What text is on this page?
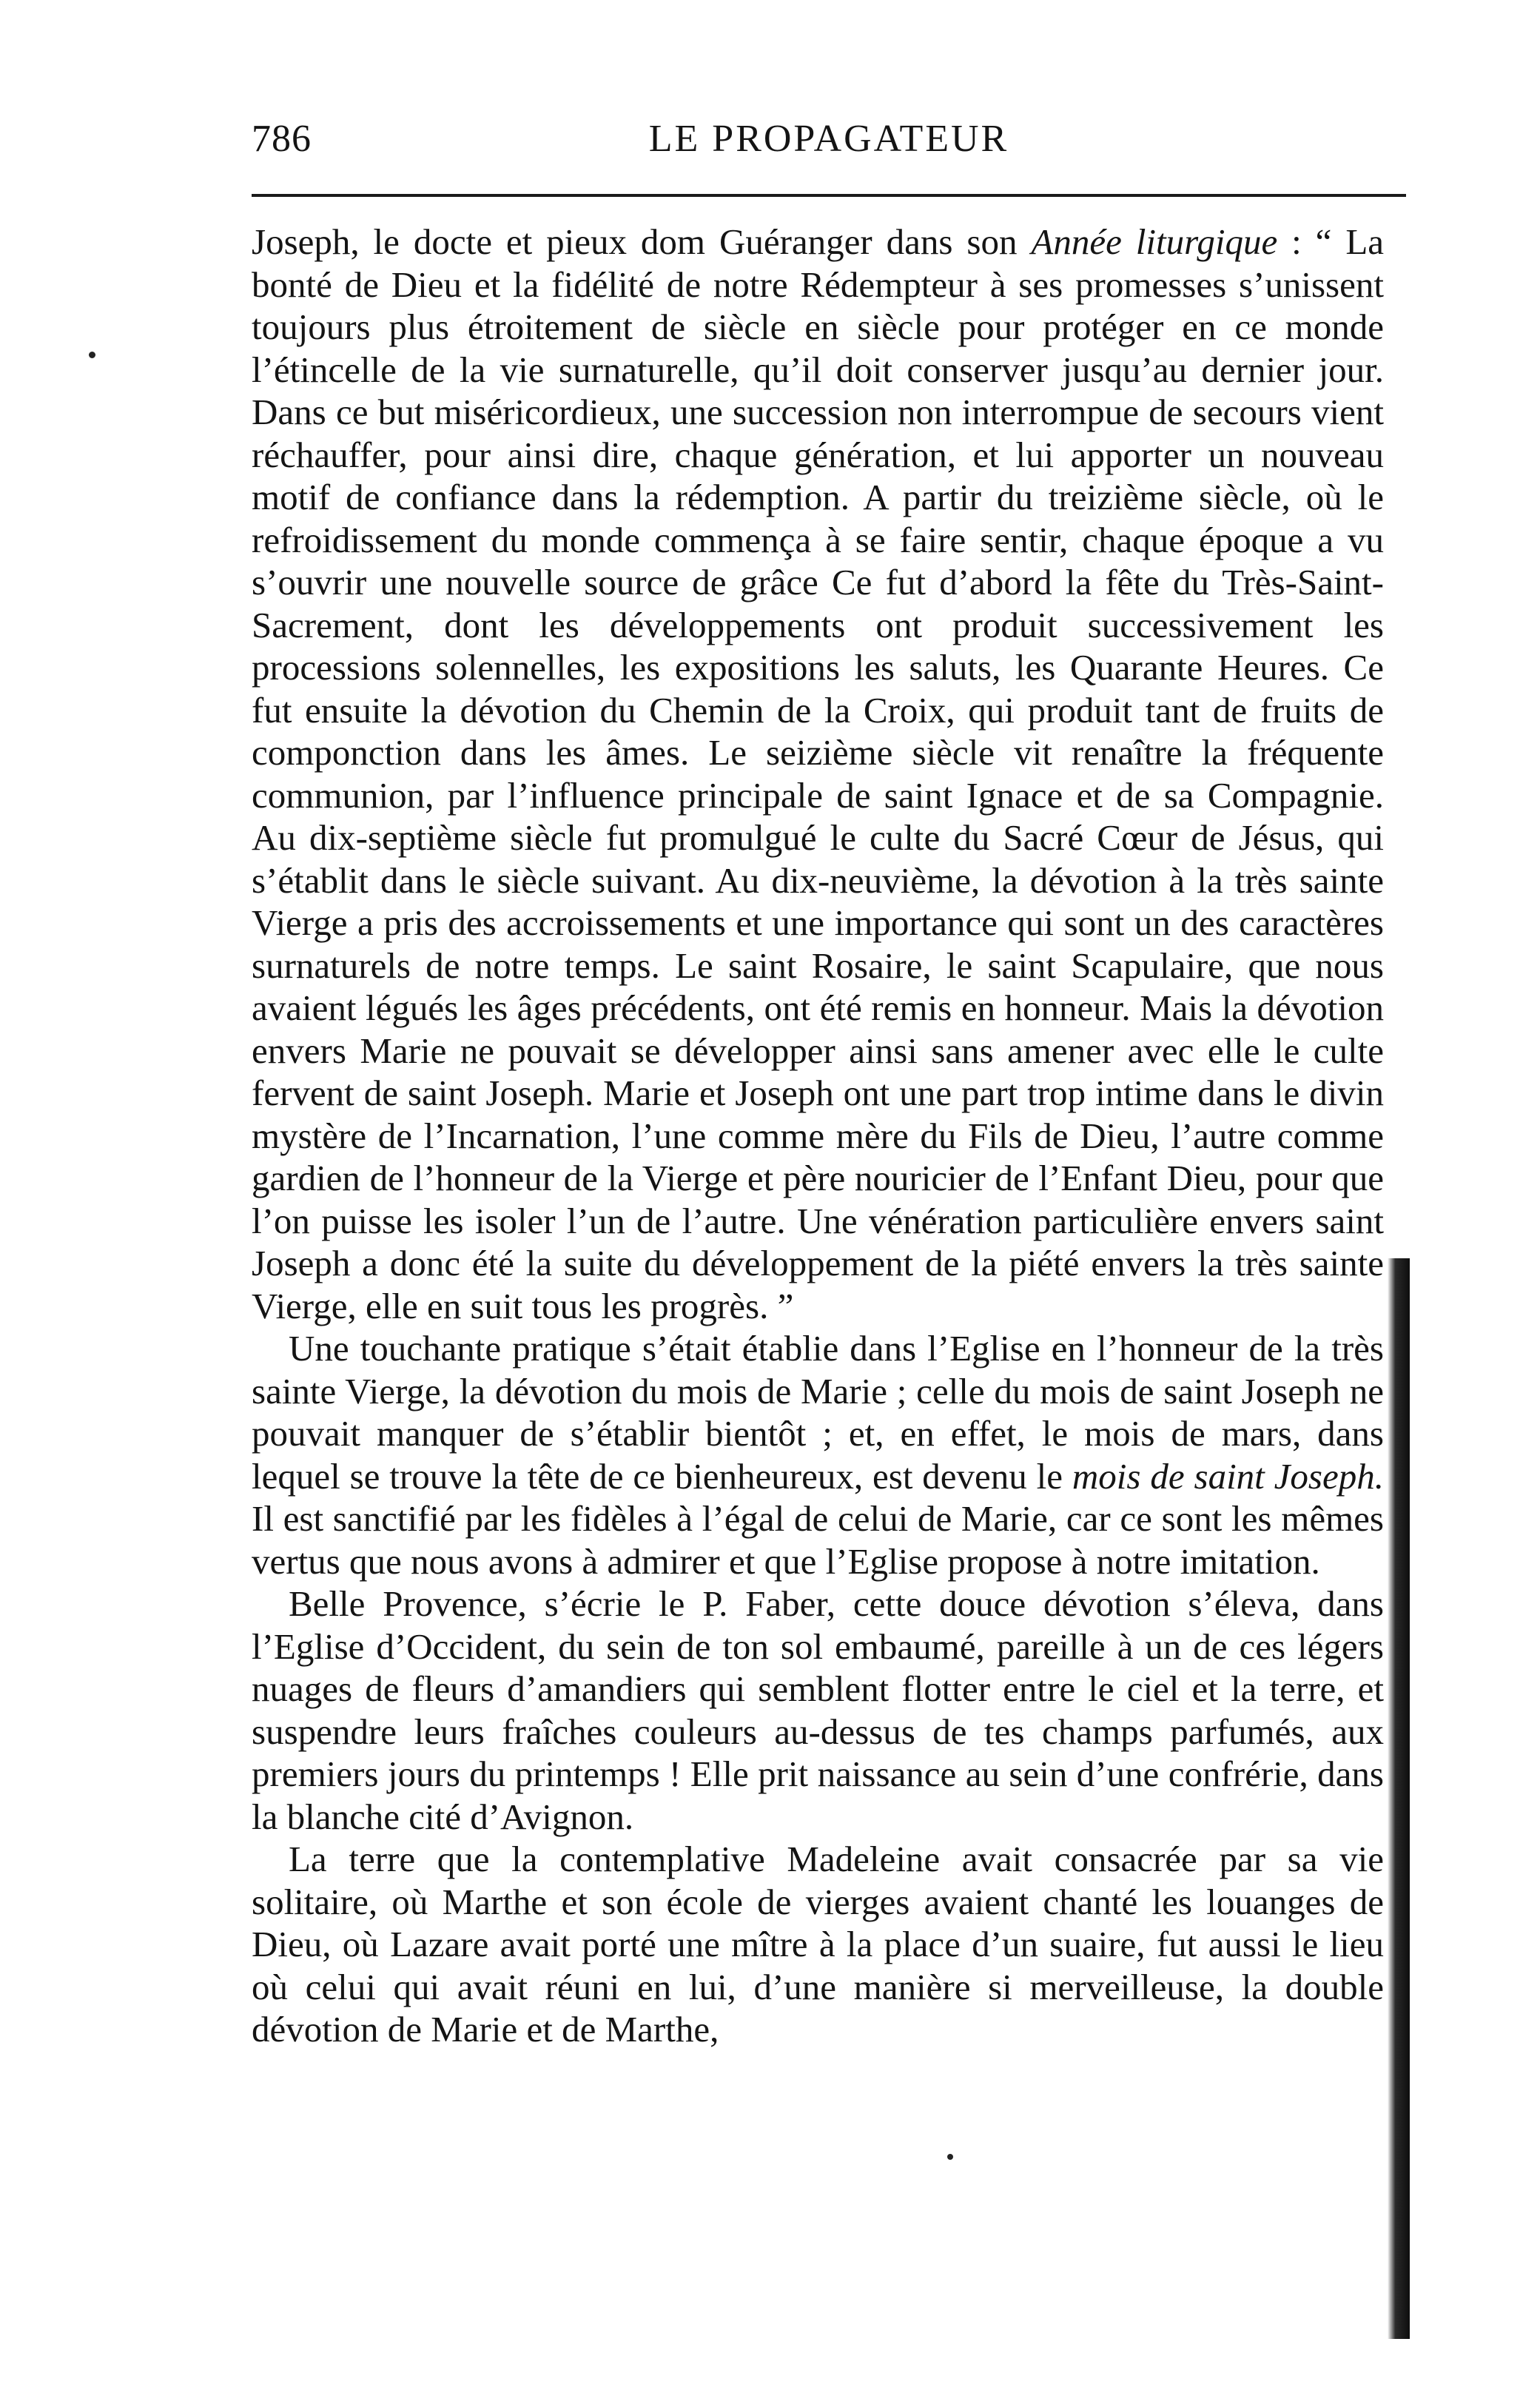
786	LE PROPAGATEUR

Joseph, le docte et pieux dom Guéranger dans son Année liturgique : “ La bonté de Dieu et la fidélité de notre Rédempteur à ses promesses s’unissent toujours plus étroitement de siècle en siècle pour protéger en ce monde l’étincelle de la vie surnaturelle, qu’il doit conserver jusqu’au dernier jour. Dans ce but miséricordieux, une succession non interrompue de secours vient réchauffer, pour ainsi dire, chaque génération, et lui apporter un nouveau motif de confiance dans la rédemption. A partir du treizième siècle, où le refroidissement du monde commença à se faire sentir, chaque époque a vu s’ouvrir une nouvelle source de grâce Ce fut d’abord la fête du Très-Saint-Sacrement, dont les développements ont produit successivement les processions solennelles, les expositions les saluts, les Quarante Heures. Ce fut ensuite la dévotion du Chemin de la Croix, qui produit tant de fruits de componction dans les âmes. Le seizième siècle vit renaître la fréquente communion, par l’influence principale de saint Ignace et de sa Compagnie. Au dix-septième siècle fut promulgué le culte du Sacré Cœur de Jésus, qui s’établit dans le siècle suivant. Au dix-neuvième, la dévotion à la très sainte Vierge a pris des accroissements et une importance qui sont un des caractères surnaturels de notre temps. Le saint Rosaire, le saint Scapulaire, que nous avaient légués les âges précédents, ont été remis en honneur. Mais la dévotion envers Marie ne pouvait se développer ainsi sans amener avec elle le culte fervent de saint Joseph. Marie et Joseph ont une part trop intime dans le divin mystère de l’Incarnation, l’une comme mère du Fils de Dieu, l’autre comme gardien de l’honneur de la Vierge et père nouricier de l’Enfant Dieu, pour que l’on puisse les isoler l’un de l’autre. Une vénération particulière envers saint Joseph a donc été la suite du développement de la piété envers la très sainte Vierge, elle en suit tous les progrès. ”

Une touchante pratique s’était établie dans l’Eglise en l’honneur de la très sainte Vierge, la dévotion du mois de Marie ; celle du mois de saint Joseph ne pouvait manquer de s’établir bientôt ; et, en effet, le mois de mars, dans lequel se trouve la tête de ce bienheureux, est devenu le mois de saint Joseph. Il est sanctifié par les fidèles à l’égal de celui de Marie, car ce sont les mêmes vertus que nous avons à admirer et que l’Eglise propose à notre imitation.

Belle Provence, s’écrie le P. Faber, cette douce dévotion s’éleva, dans l’Eglise d’Occident, du sein de ton sol embaumé, pareille à un de ces légers nuages de fleurs d’amandiers qui semblent flotter entre le ciel et la terre, et suspendre leurs fraîches couleurs au-dessus de tes champs parfumés, aux premiers jours du printemps ! Elle prit naissance au sein d’une confrérie, dans la blanche cité d’Avignon.

La terre que la contemplative Madeleine avait consacrée par sa vie solitaire, où Marthe et son école de vierges avaient chanté les louanges de Dieu, où Lazare avait porté une mître à la place d’un suaire, fut aussi le lieu où celui qui avait réuni en lui, d’une manière si merveilleuse, la double dévotion de Marie et de Marthe,
